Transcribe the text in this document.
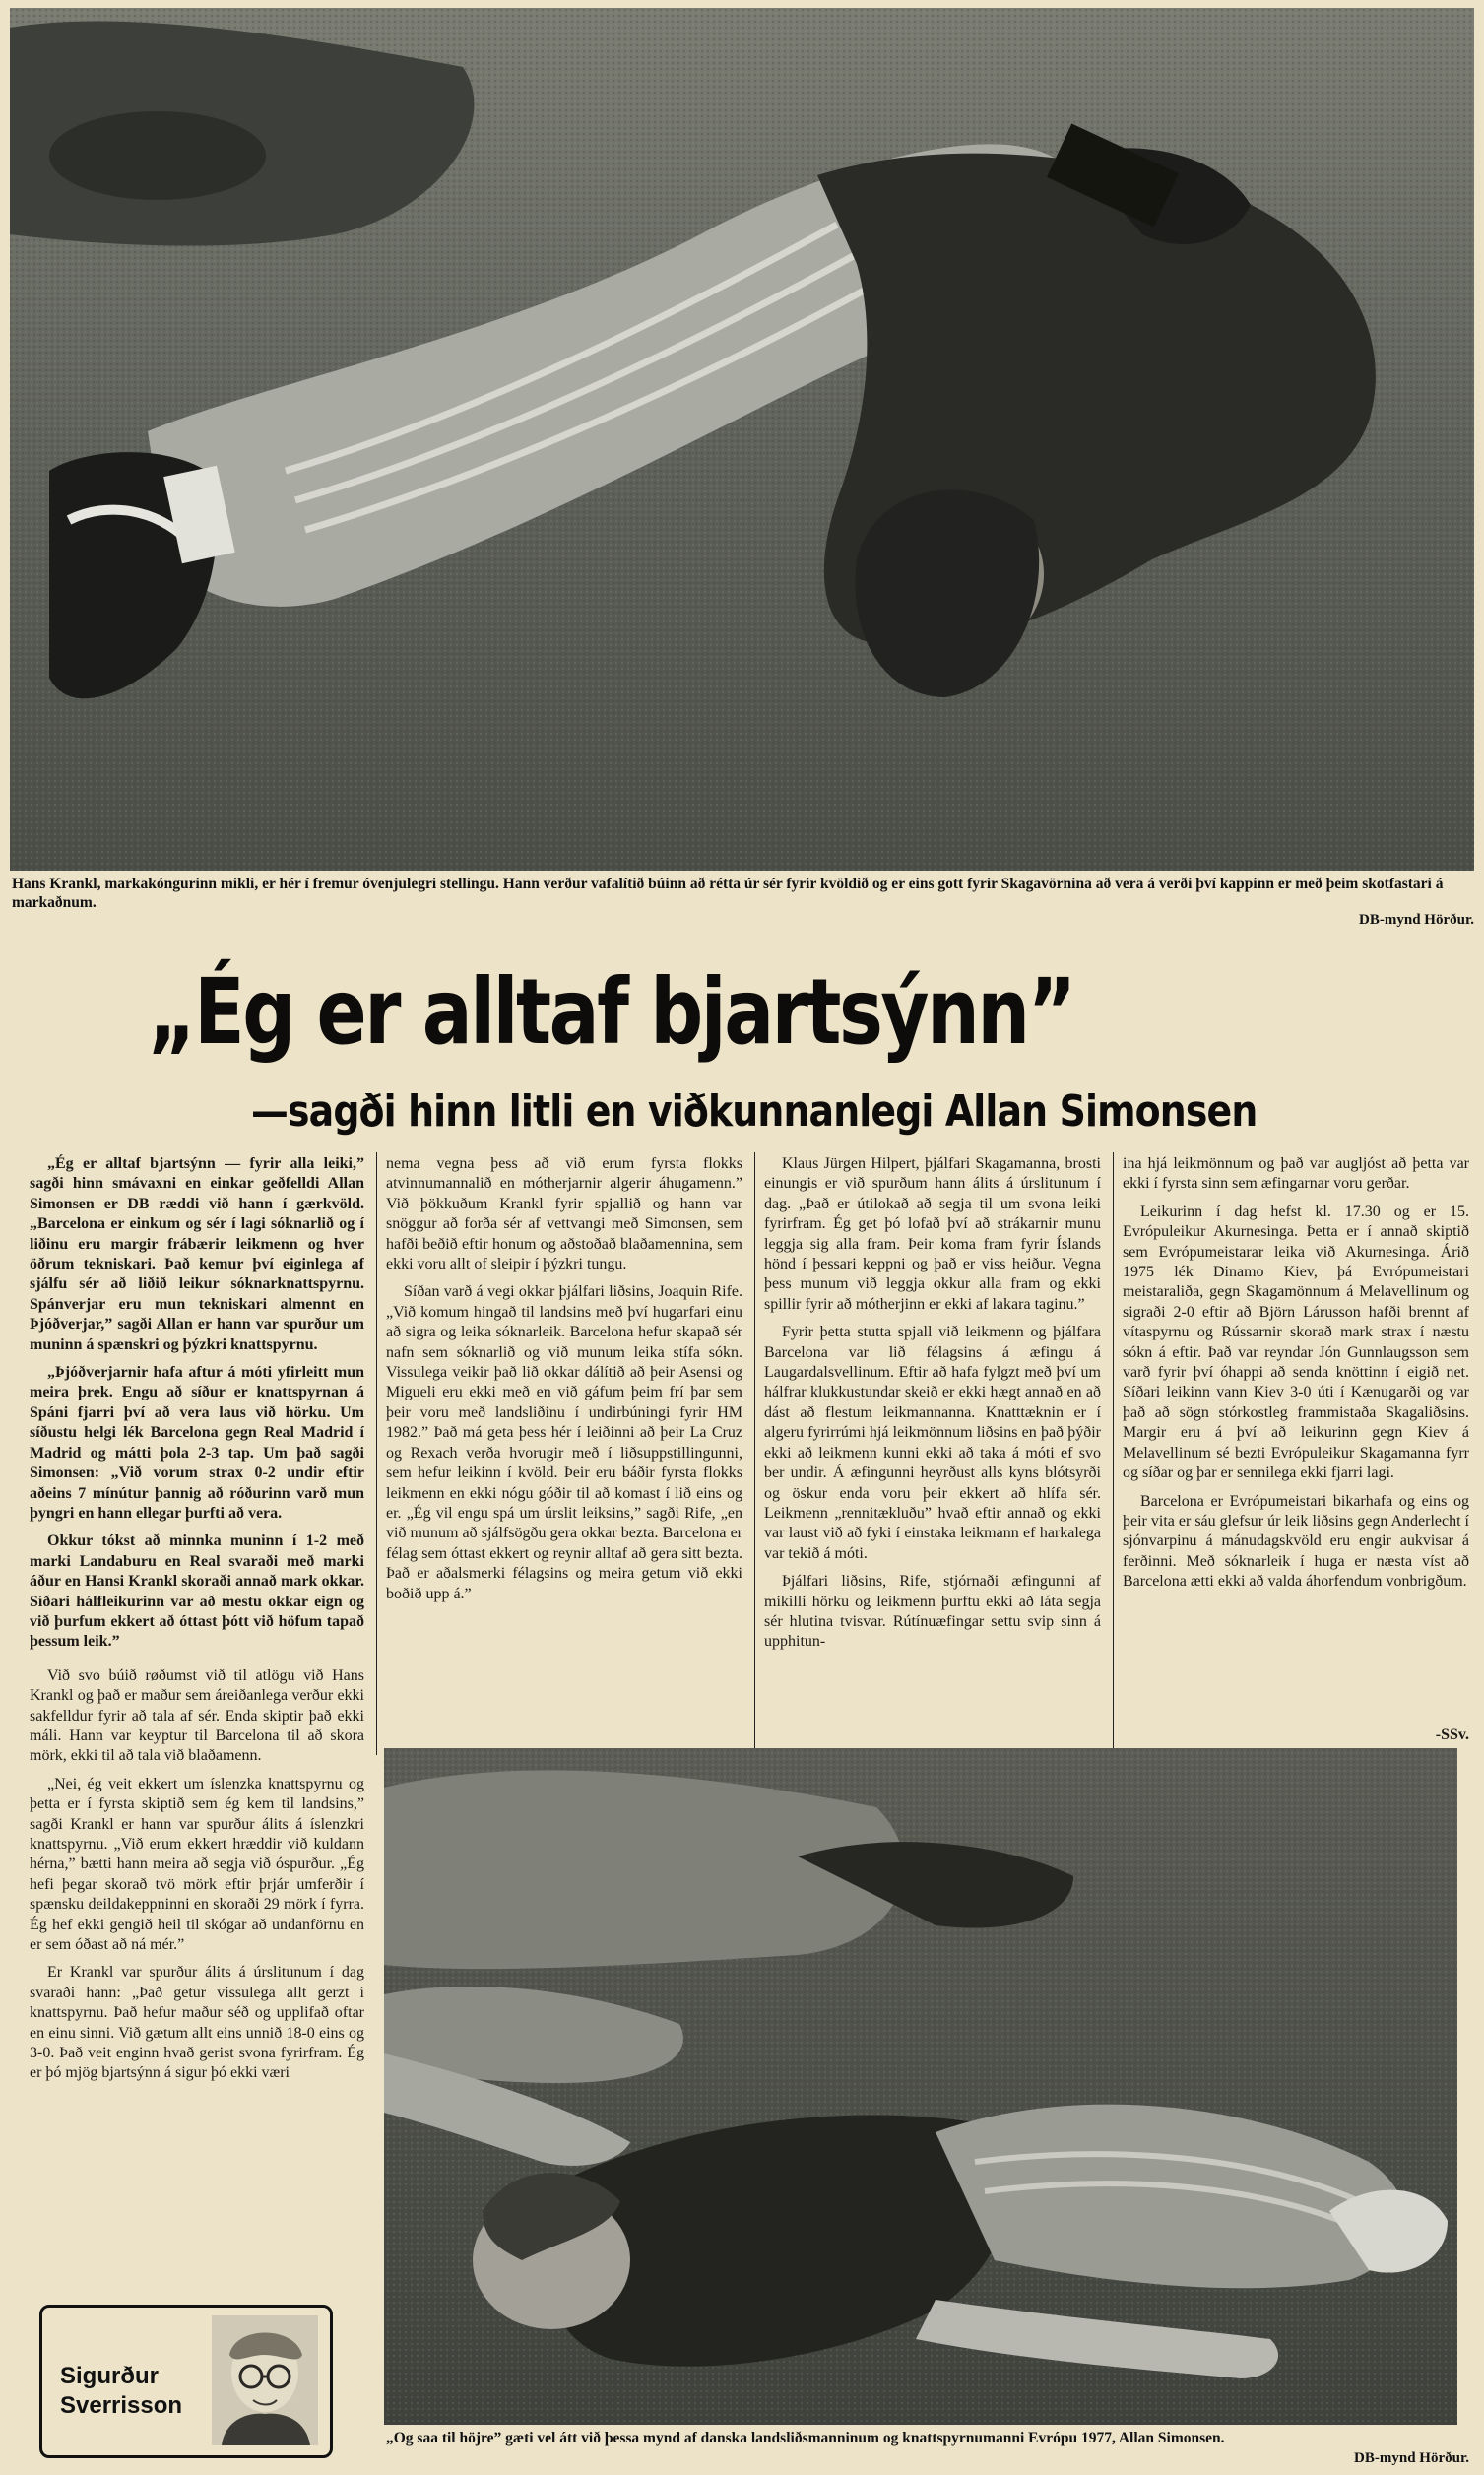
Hans Krankl, markakóngurinn mikli, er hér í fremur óvenjulegri stellingu. Hann verður vafalítið búinn að rétta úr sér fyrir kvöldið og er eins gott fyrir Skagavörnina að vera á verði því kappinn er með þeim skotfastari á markaðnum.
DB-mynd Hörður.
„Ég er alltaf bjartsýnn”
—sagði hinn litli en viðkunnanlegi Allan Simonsen

„Ég er alltaf bjartsýnn — fyrir alla leiki,” sagði hinn smávaxni en einkar geðfelldi Allan Simonsen er DB ræddi við hann í gærkvöld. „Barcelona er einkum og sér í lagi sóknarlið og í liðinu eru margir frábærir leikmenn og hver öðrum tekniskari. Það kemur því eiginlega af sjálfu sér að liðið leikur sóknarknattspyrnu. Spánverjar eru mun tekniskari almennt en Þjóðverjar,” sagði Allan er hann var spurður um muninn á spænskri og þýzkri knattspyrnu.

„Þjóðverjarnir hafa aftur á móti yfirleitt mun meira þrek. Engu að síður er knattspyrnan á Spáni fjarri því að vera laus við hörku. Um síðustu helgi lék Barcelona gegn Real Madrid í Madrid og mátti þola 2-3 tap. Um það sagði Simonsen: „Við vorum strax 0-2 undir eftir aðeins 7 mínútur þannig að róðurinn varð mun þyngri en hann ellegar þurfti að vera.

Okkur tókst að minnka muninn í 1-2 með marki Landaburu en Real svaraði með marki áður en Hansi Krankl skoraði annað mark okkar. Síðari hálfleikurinn var að mestu okkar eign og við þurfum ekkert að óttast þótt við höfum tapað þessum leik.”

Við svo búið røðumst við til atlögu við Hans Krankl og það er maður sem áreiðanlega verður ekki sakfelldur fyrir að tala af sér. Enda skiptir það ekki máli. Hann var keyptur til Barcelona til að skora mörk, ekki til að tala við blaðamenn.

„Nei, ég veit ekkert um íslenzka knattspyrnu og þetta er í fyrsta skiptið sem ég kem til landsins,” sagði Krankl er hann var spurður álits á íslenzkri knattspyrnu. „Við erum ekkert hræddir við kuldann hérna,” bætti hann meira að segja við óspurður. „Ég hefi þegar skorað tvö mörk eftir þrjár umferðir í spænsku deildakeppninni en skoraði 29 mörk í fyrra. Ég hef ekki gengið heil til skógar að undanförnu en er sem óðast að ná mér.”

Er Krankl var spurður álits á úrslitunum í dag svaraði hann: „Það getur vissulega allt gerzt í knattspyrnu. Það hefur maður séð og upplifað oftar en einu sinni. Við gætum allt eins unnið 18-0 eins og 3-0. Það veit enginn hvað gerist svona fyrirfram. Ég er þó mjög bjartsýnn á sigur þó ekki væri

nema vegna þess að við erum fyrsta flokks atvinnumannalið en mótherjarnir algerir áhugamenn.” Við þökkuðum Krankl fyrir spjallið og hann var snöggur að forða sér af vettvangi með Simonsen, sem hafði beðið eftir honum og aðstoðað blaðamennina, sem ekki voru allt of sleipir í þýzkri tungu.

Síðan varð á vegi okkar þjálfari liðsins, Joaquin Rife. „Við komum hingað til landsins með því hugarfari einu að sigra og leika sóknarleik. Barcelona hefur skapað sér nafn sem sóknarlið og við munum leika stífa sókn. Vissulega veikir það lið okkar dálítið að þeir Asensi og Migueli eru ekki með en við gáfum þeim frí þar sem þeir voru með landsliðinu í undirbúningi fyrir HM 1982.” Það má geta þess hér í leiðinni að þeir La Cruz og Rexach verða hvorugir með í liðsuppstillingunni, sem hefur leikinn í kvöld. Þeir eru báðir fyrsta flokks leikmenn en ekki nógu góðir til að komast í lið eins og er. „Ég vil engu spá um úrslit leiksins,” sagði Rife, „en við munum að sjálfsögðu gera okkar bezta. Barcelona er félag sem óttast ekkert og reynir alltaf að gera sitt bezta. Það er aðalsmerki félagsins og meira getum við ekki boðið upp á.”

Klaus Jürgen Hilpert, þjálfari Skagamanna, brosti einungis er við spurðum hann álits á úrslitunum í dag. „Það er útilokað að segja til um svona leiki fyrirfram. Ég get þó lofað því að strákarnir munu leggja sig alla fram. Þeir koma fram fyrir Íslands hönd í þessari keppni og það er viss heiður. Vegna þess munum við leggja okkur alla fram og ekki spillir fyrir að mótherjinn er ekki af lakara taginu.”

Fyrir þetta stutta spjall við leikmenn og þjálfara Barcelona var lið félagsins á æfingu á Laugardalsvellinum. Eftir að hafa fylgzt með því um hálfrar klukkustundar skeið er ekki hægt annað en að dást að flestum leikmannanna. Knatttæknin er í algeru fyrirrúmi hjá leikmönnum liðsins en það þýðir ekki að leikmenn kunni ekki að taka á móti ef svo ber undir. Á æfingunni heyrðust alls kyns blótsyrði og öskur enda voru þeir ekkert að hlífa sér. Leikmenn „rennitækluðu” hvað eftir annað og ekki var laust við að fyki í einstaka leikmann ef harkalega var tekið á móti.

Þjálfari liðsins, Rife, stjórnaði æfingunni af mikilli hörku og leikmenn þurftu ekki að láta segja sér hlutina tvisvar. Rútínuæfingar settu svip sinn á upphitun-

ina hjá leikmönnum og það var augljóst að þetta var ekki í fyrsta sinn sem æfingarnar voru gerðar.

Leikurinn í dag hefst kl. 17.30 og er 15. Evrópuleikur Akurnesinga. Þetta er í annað skiptið sem Evrópumeistarar leika við Akurnesinga. Árið 1975 lék Dinamo Kiev, þá Evrópumeistari meistaraliða, gegn Skagamönnum á Melavellinum og sigraði 2-0 eftir að Björn Lárusson hafði brennt af vítaspyrnu og Rússarnir skorað mark strax í næstu sókn á eftir. Það var reyndar Jón Gunnlaugsson sem varð fyrir því óhappi að senda knöttinn í eigið net. Síðari leikinn vann Kiev 3-0 úti í Kænugarði og var það að sögn stórkostleg frammistaða Skagaliðsins. Margir eru á því að leikurinn gegn Kiev á Melavellinum sé bezti Evrópuleikur Skagamanna fyrr og síðar og þar er sennilega ekki fjarri lagi.

Barcelona er Evrópumeistari bikarhafa og eins og þeir vita er sáu glefsur úr leik liðsins gegn Anderlecht í sjónvarpinu á mánudagskvöld eru engir aukvisar á ferðinni. Með sóknarleik í huga er næsta víst að Barcelona ætti ekki að valda áhorfendum vonbrigðum.

-SSv.
Sigurður
Sverrisson
„Og saa til höjre” gæti vel átt við þessa mynd af danska landsliðsmanninum og knattspyrnumanni Evrópu 1977, Allan Simonsen.
DB-mynd Hörður.
